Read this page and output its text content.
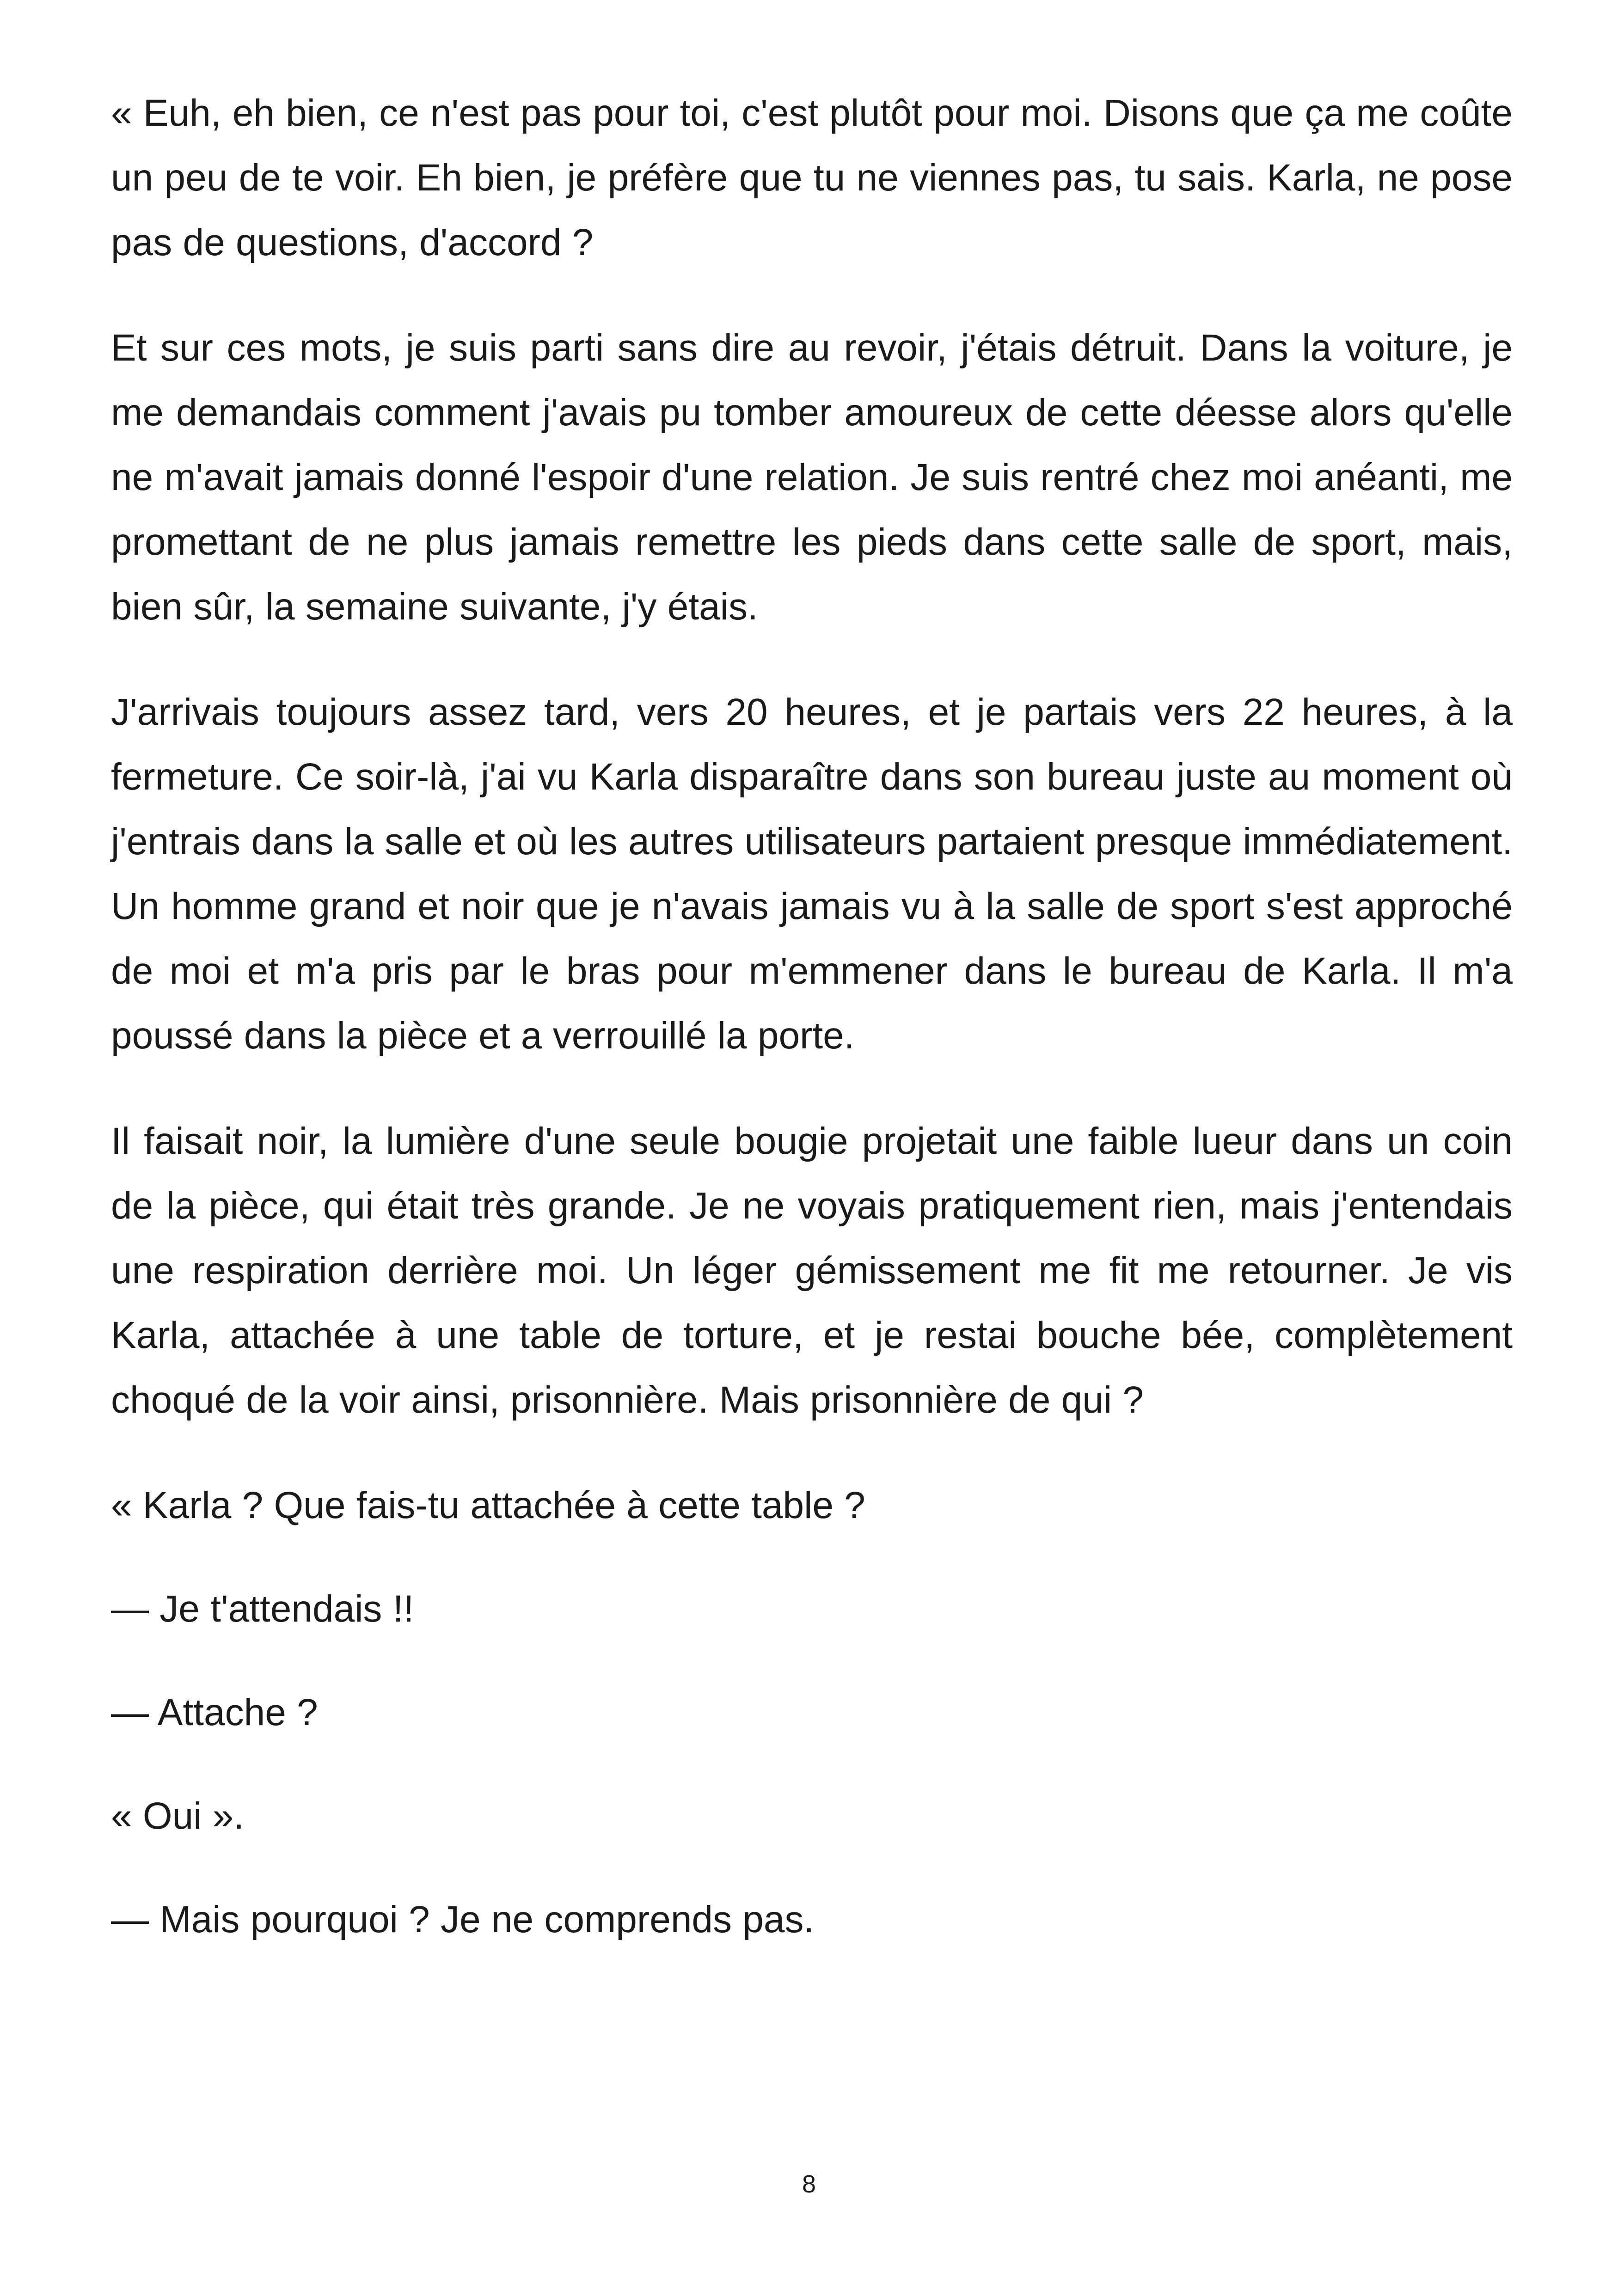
« Euh, eh bien, ce n'est pas pour toi, c'est plutôt pour moi. Disons que ça me coûte un peu de te voir. Eh bien, je préfère que tu ne viennes pas, tu sais. Karla, ne pose pas de questions, d'accord ?

Et sur ces mots, je suis parti sans dire au revoir, j'étais détruit. Dans la voiture, je me demandais comment j'avais pu tomber amoureux de cette déesse alors qu'elle ne m'avait jamais donné l'espoir d'une relation. Je suis rentré chez moi anéanti, me promettant de ne plus jamais remettre les pieds dans cette salle de sport, mais, bien sûr, la semaine suivante, j'y étais.

J'arrivais toujours assez tard, vers 20 heures, et je partais vers 22 heures, à la fermeture. Ce soir-là, j'ai vu Karla disparaître dans son bureau juste au moment où j'entrais dans la salle et où les autres utilisateurs partaient presque immédiatement. Un homme grand et noir que je n'avais jamais vu à la salle de sport s'est approché de moi et m'a pris par le bras pour m'emmener dans le bureau de Karla. Il m'a poussé dans la pièce et a verrouillé la porte.

Il faisait noir, la lumière d'une seule bougie projetait une faible lueur dans un coin de la pièce, qui était très grande. Je ne voyais pratiquement rien, mais j'entendais une respiration derrière moi. Un léger gémissement me fit me retourner. Je vis Karla, attachée à une table de torture, et je restai bouche bée, complètement choqué de la voir ainsi, prisonnière. Mais prisonnière de qui ?

« Karla ? Que fais-tu attachée à cette table ?

— Je t'attendais !!

— Attache ?

« Oui ».

— Mais pourquoi ? Je ne comprends pas.

8
